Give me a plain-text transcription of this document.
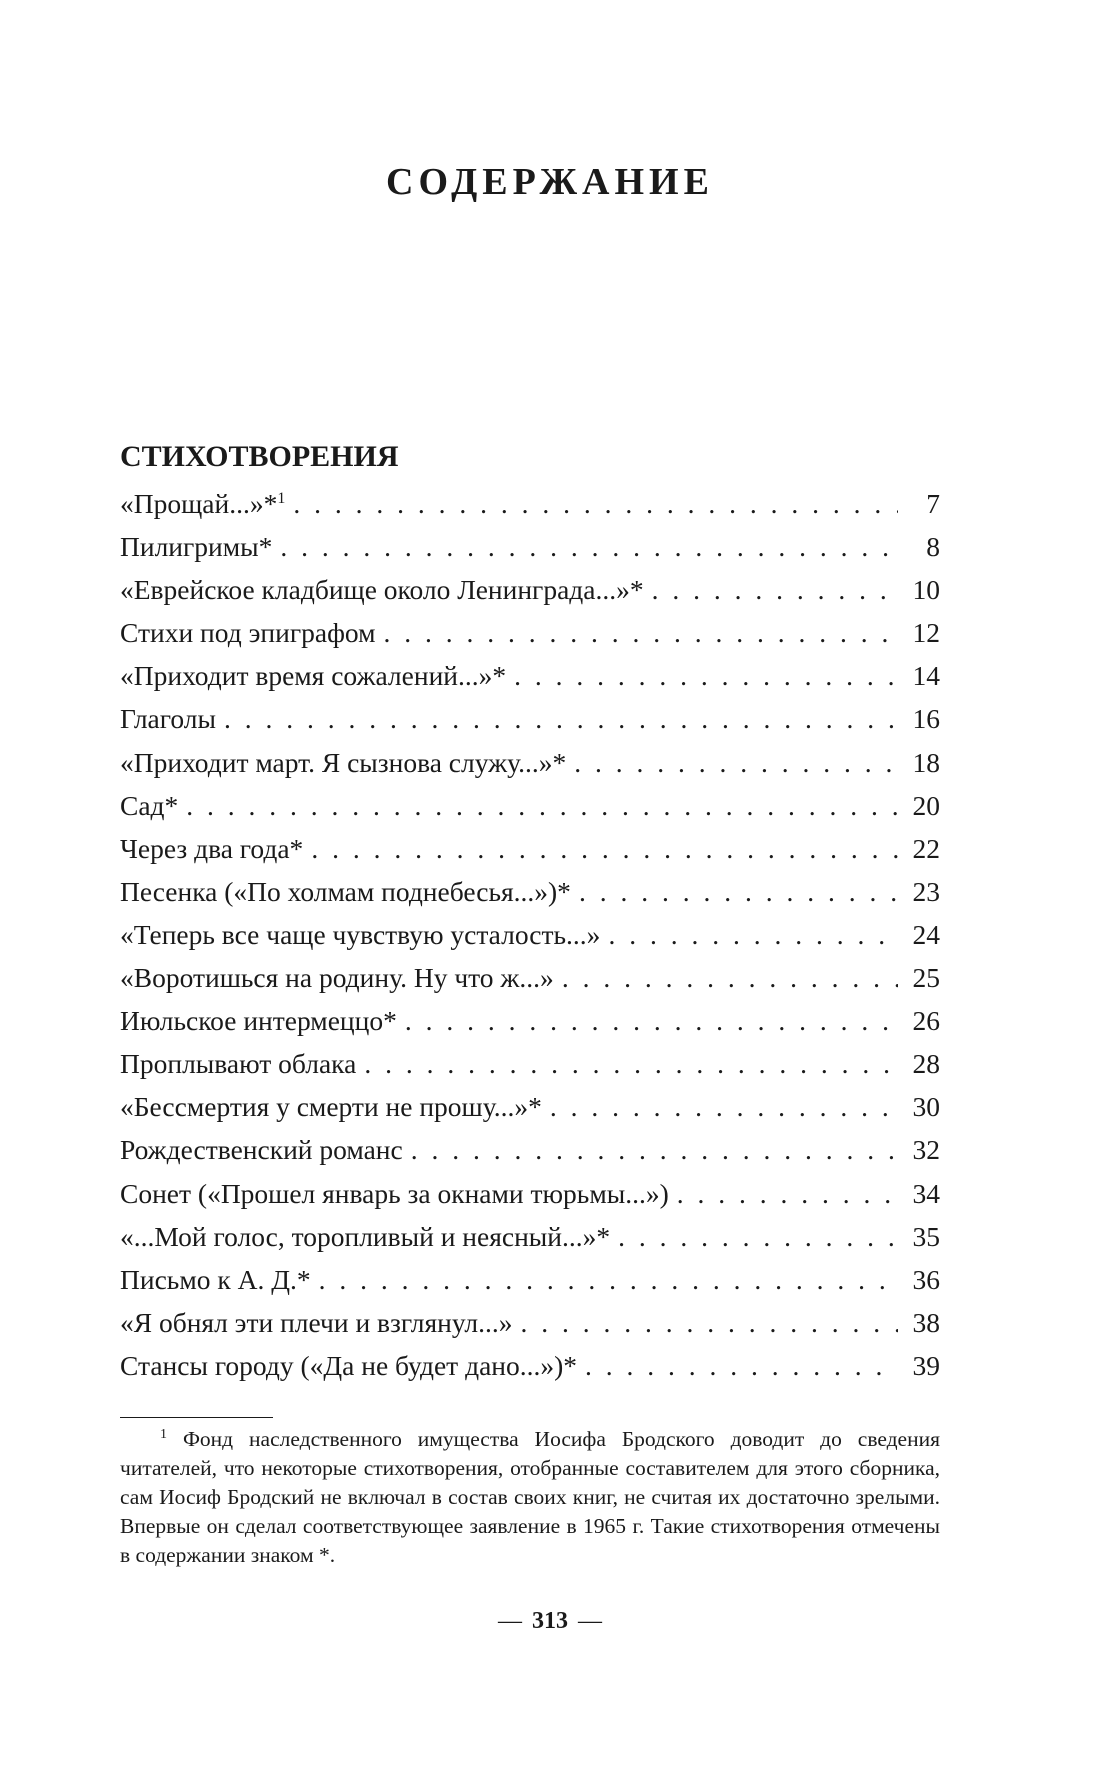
СОДЕРЖАНИЕ
СТИХОТВОРЕНИЯ
«Прощай...»*$^1$ . . .	7
Пилигримы* . . .	8
«Еврейское кладбище около Ленинграда...»* . . .	10
Стихи под эпиграфом . . .	12
«Приходит время сожалений...»* . . .	14
Глаголы . . .	16
«Приходит март. Я сызнова служу...»* . . .	18
Сад* . . .	20
Через два года* . . .	22
Песенка («По холмам поднебесья...»)* . . .	23
«Теперь все чаще чувствую усталость...» . . .	24
«Воротишься на родину. Ну что ж...» . . .	25
Июльское интермеццо* . . .	26
Проплывают облака . . .	28
«Бессмертия у смерти не прошу...»* . . .	30
Рождественский романс . . .	32
Сонет («Прошел январь за окнами тюрьмы...») . . .	34
«...Мой голос, торопливый и неясный...»* . . .	35
Письмо к А. Д.* . . .	36
«Я обнял эти плечи и взглянул...» . . .	38
Стансы городу («Да не будет дано...»)* . . .	39
$^1$ Фонд наследственного имущества Иосифа Бродского доводит до сведения читателей, что некоторые стихотворения, отобранные составителем для этого сборника, сам Иосиф Бродский не включал в состав своих книг, не считая их достаточно зрелыми. Впервые он сделал соответствующее заявление в 1965 г. Такие стихотворения отмечены в содержании знаком *.
— 313 —
